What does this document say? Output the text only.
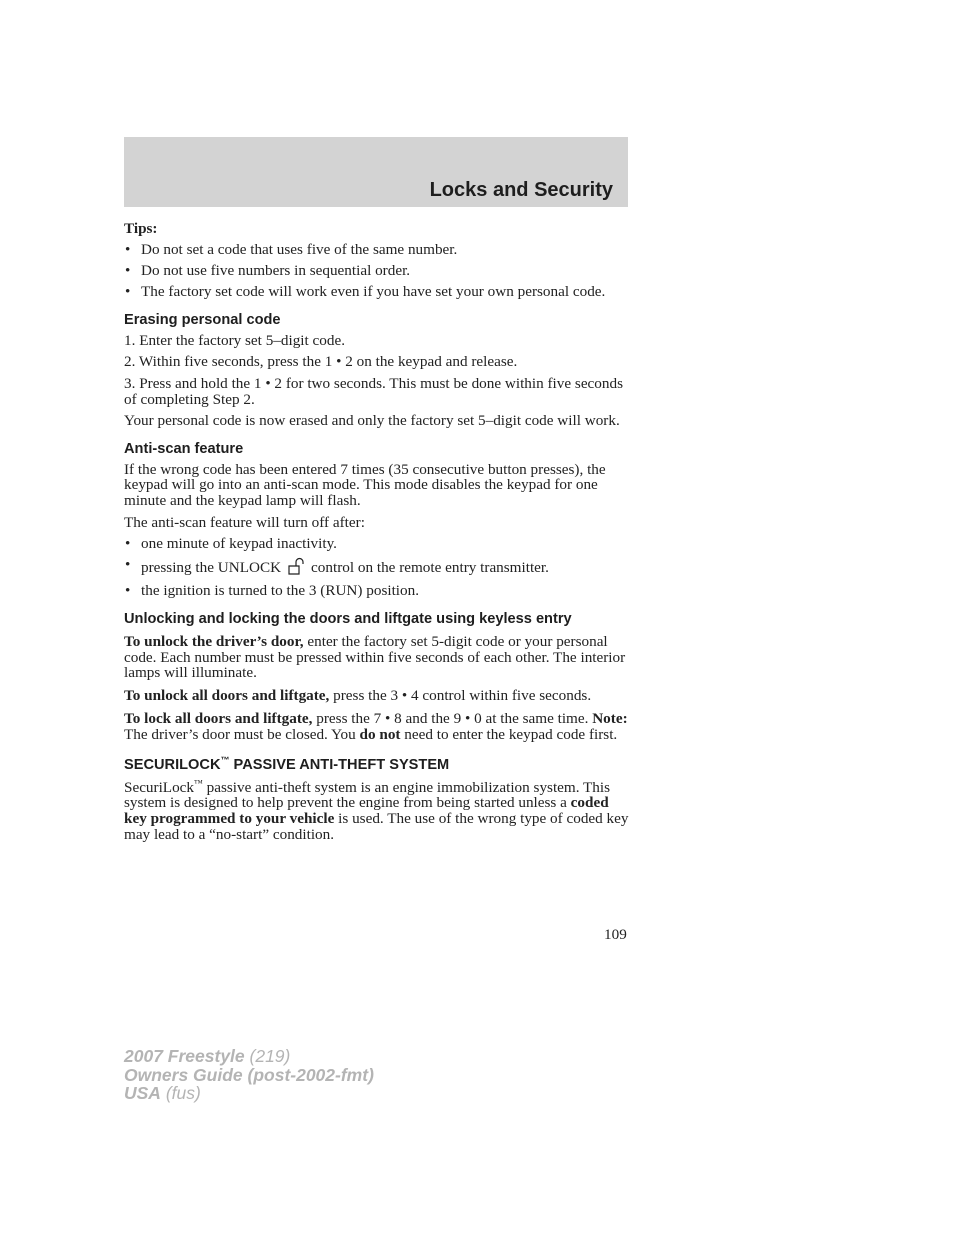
Locks and Security

Tips:

• Do not set a code that uses five of the same number.
• Do not use five numbers in sequential order.
• The factory set code will work even if you have set your own personal code.
Erasing personal code

1. Enter the factory set 5–digit code.

2. Within five seconds, press the 1 • 2 on the keypad and release.

3. Press and hold the 1 • 2 for two seconds. This must be done within five seconds of completing Step 2.

Your personal code is now erased and only the factory set 5–digit code will work.

Anti-scan feature

If the wrong code has been entered 7 times (35 consecutive button presses), the keypad will go into an anti-scan mode. This mode disables the keypad for one minute and the keypad lamp will flash.

The anti-scan feature will turn off after:

• one minute of keypad inactivity.
• pressing the UNLOCK control on the remote entry transmitter.
• the ignition is turned to the 3 (RUN) position.
Unlocking and locking the doors and liftgate using keyless entry

To unlock the driver’s door, enter the factory set 5-digit code or your personal code. Each number must be pressed within five seconds of each other. The interior lamps will illuminate.

To unlock all doors and liftgate, press the 3 • 4 control within five seconds.

To lock all doors and liftgate, press the 7 • 8 and the 9 • 0 at the same time. Note: The driver’s door must be closed. You do not need to enter the keypad code first.

SECURILOCK™ PASSIVE ANTI-THEFT SYSTEM

SecuriLock™ passive anti-theft system is an engine immobilization system. This system is designed to help prevent the engine from being started unless a coded key programmed to your vehicle is used. The use of the wrong type of coded key may lead to a “no-start” condition.

109
2007 Freestyle (219)
Owners Guide (post-2002-fmt)
USA (fus)
